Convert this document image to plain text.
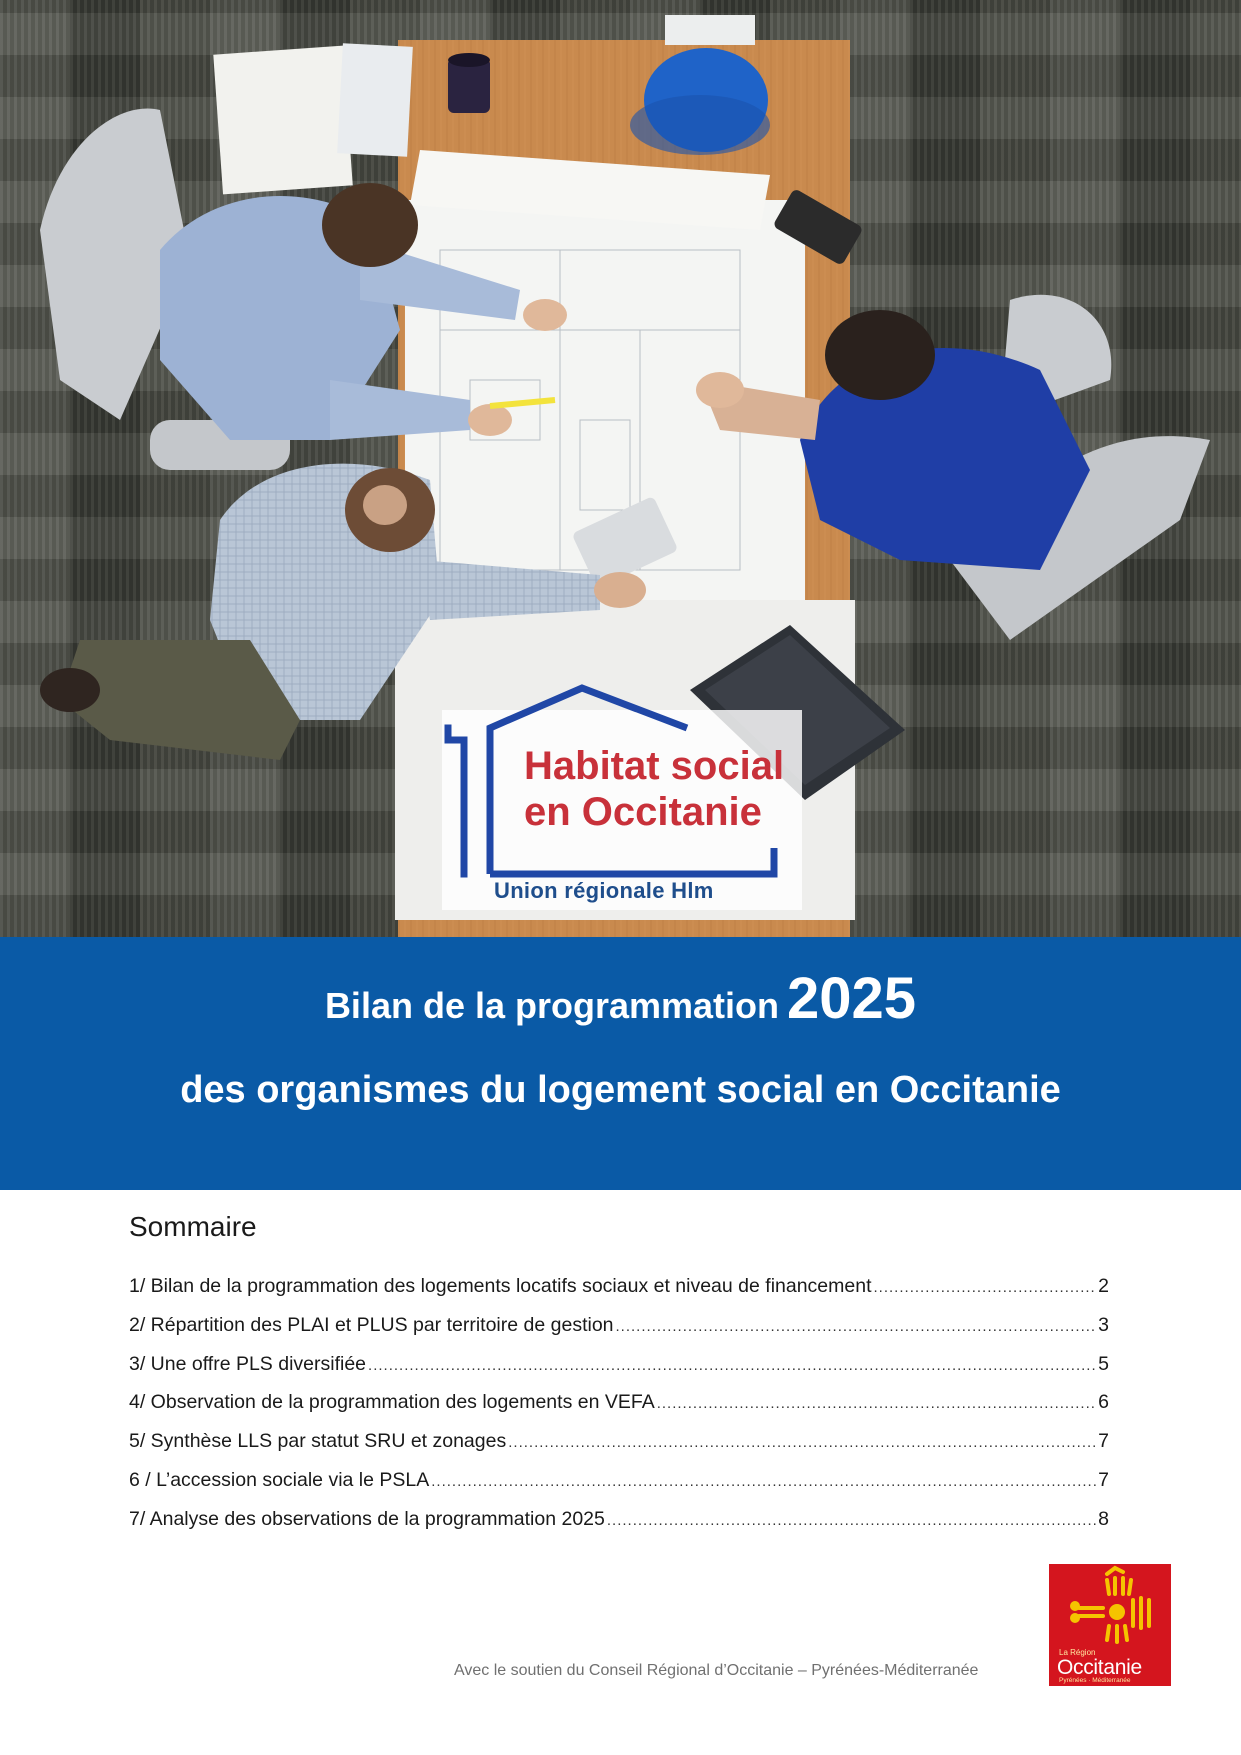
Habitat social
en Occitanie
Union régionale Hlm
Bilan de la programmation 2025
des organismes du logement social en Occitanie
Sommaire
1/ Bilan de la programmation des logements locatifs sociaux et niveau de financement .....	2
2/ Répartition des PLAI et PLUS par territoire de gestion .....	3
3/ Une offre PLS diversifiée .....	5
4/ Observation de la programmation des logements en VEFA .....	6
5/ Synthèse LLS par statut SRU et zonages .....	7
6 / L’accession sociale via le PSLA .....	7
7/ Analyse des observations de la programmation 2025 .....	8
Avec le soutien du Conseil Régional d’Occitanie – Pyrénées-Méditerranée
La Région
Occitanie
Pyrénées · Méditerranée
